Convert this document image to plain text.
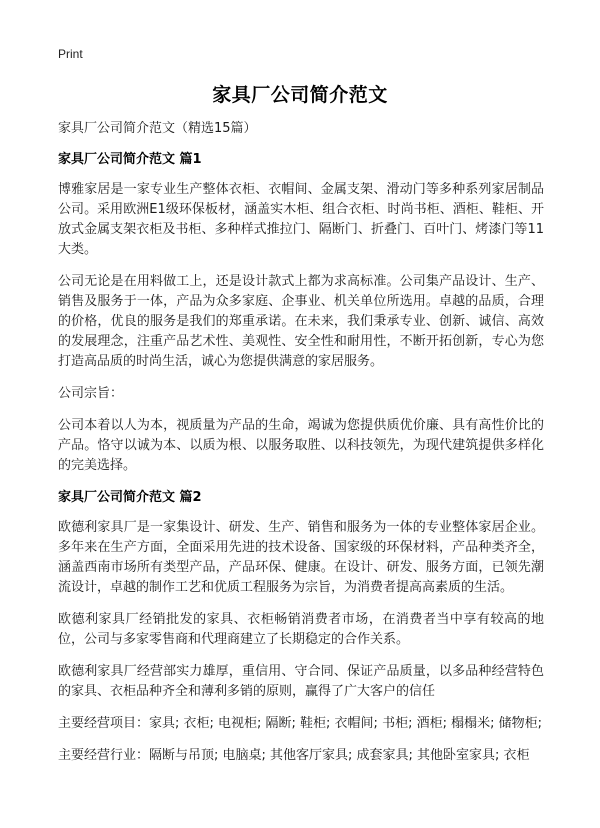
Print
家具厂公司简介范文

家具厂公司简介范文（精选15篇）

家具厂公司简介范文 篇1

博雅家居是一家专业生产整体衣柜、衣帽间、金属支架、滑动门等多种系列家居制品公司。采用欧洲E1级环保板材，涵盖实木柜、组合衣柜、时尚书柜、酒柜、鞋柜、开放式金属支架衣柜及书柜、多种样式推拉门、隔断门、折叠门、百叶门、烤漆门等11大类。

公司无论是在用料做工上，还是设计款式上都为求高标准。公司集产品设计、生产、销售及服务于一体，产品为众多家庭、企事业、机关单位所选用。卓越的品质，合理的价格，优良的服务是我们的郑重承诺。在未来，我们秉承专业、创新、诚信、高效的发展理念，注重产品艺术性、美观性、安全性和耐用性，不断开拓创新，专心为您打造高品质的时尚生活，诚心为您提供满意的家居服务。

公司宗旨：

公司本着以人为本，视质量为产品的生命，竭诚为您提供质优价廉、具有高性价比的产品。恪守以诚为本、以质为根、以服务取胜、以科技领先，为现代建筑提供多样化的完美选择。

家具厂公司简介范文 篇2

欧德利家具厂是一家集设计、研发、生产、销售和服务为一体的专业整体家居企业。多年来在生产方面，全面采用先进的技术设备、国家级的环保材料，产品种类齐全，涵盖西南市场所有类型产品，产品环保、健康。在设计、研发、服务方面，已领先潮流设计，卓越的制作工艺和优质工程服务为宗旨，为消费者提高高素质的生活。

欧德利家具厂经销批发的家具、衣柜畅销消费者市场，在消费者当中享有较高的地位，公司与多家零售商和代理商建立了长期稳定的合作关系。

欧德利家具厂经营部实力雄厚，重信用、守合同、保证产品质量，以多品种经营特色的家具、衣柜品种齐全和薄利多销的原则，赢得了广大客户的信任

主要经营项目：家具; 衣柜; 电视柜; 隔断; 鞋柜; 衣帽间; 书柜; 酒柜; 榻榻米; 储物柜;

主要经营行业：隔断与吊顶; 电脑桌; 其他客厅家具; 成套家具; 其他卧室家具; 衣柜
